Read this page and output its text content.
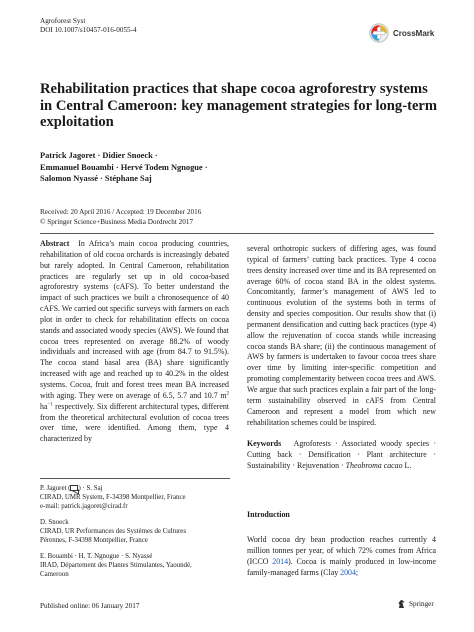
Agroforest Syst
DOI 10.1007/s10457-016-0055-4	CrossMark
Rehabilitation practices that shape cocoa agroforestry systems in Central Cameroon: key management strategies for long-term exploitation
Patrick Jagoret · Didier Snoeck ·
Emmanuel Bouambi · Hervé Todem Ngnogue ·
Salomon Nyassé · Stéphane Saj
Received: 20 April 2016 / Accepted: 19 December 2016
© Springer Science+Business Media Dordrecht 2017
Abstract In Africa’s main cocoa producing countries, rehabilitation of old cocoa orchards is increasingly debated but rarely adopted. In Central Cameroon, rehabilitation practices are regularly set up in old cocoa-based agroforestry systems (cAFS). To better understand the impact of such practices we built a chronosequence of 40 cAFS. We carried out specific surveys with farmers on each plot in order to check for rehabilitation effects on cocoa stands and associated woody species (AWS). We found that cocoa trees represented on average 88.2% of woody individuals and increased with age (from 84.7 to 91.5%). The cocoa stand basal area (BA) share significantly increased with age and reached up to 40.2% in the oldest systems. Cocoa, fruit and forest trees mean BA increased with aging. They were on average of 6.5, 5.7 and 10.7 $m^2$ $ha^{-1}$ respectively. Six different architectural types, different from the theoretical architectural evolution of cocoa trees over time, were identified. Among them, type 4 characterized by
P. Jagoret ( ) · S. Saj
CIRAD, UMR System, F-34398 Montpellier, France
e-mail: patrick.jagoret@cirad.fr
D. Snoeck
CIRAD, UR Performances des Systèmes de Cultures
Pérennes, F-34398 Montpellier, France
E. Bouambi · H. T. Ngnogue · S. Nyassé
IRAD, Département des Plantes Stimulantes, Yaoundé,
Cameroon
several orthotropic suckers of differing ages, was found typical of farmers’ cutting back practices. Type 4 cocoa trees density increased over time and its BA represented on average 60% of cocoa stand BA in the oldest systems. Concomitantly, farmer’s management of AWS led to continuous evolution of the systems both in terms of density and species composition. Our results show that (i) permanent densification and cutting back practices (type 4) allow the rejuvenation of cocoa stands while increasing cocoa stands BA share; (ii) the continuous management of AWS by farmers is undertaken to favour cocoa trees share over time by limiting inter-specific competition and promoting complementarity between cocoa trees and AWS. We argue that such practices explain a fair part of the long-term sustainability observed in cAFS from Central Cameroon and represent a model from which new rehabilitation schemes could be inspired.
Keywords Agroforests · Associated woody species · Cutting back · Densification · Plant architecture · Sustainability · Rejuvenation · Theobroma cacao L.
Introduction
World cocoa dry bean production reaches currently 4 million tonnes per year, of which 72% comes from Africa (ICCO 2014). Cocoa is mainly produced in low-income family-managed farms (Clay 2004;
Published online: 06 January 2017	Springer
